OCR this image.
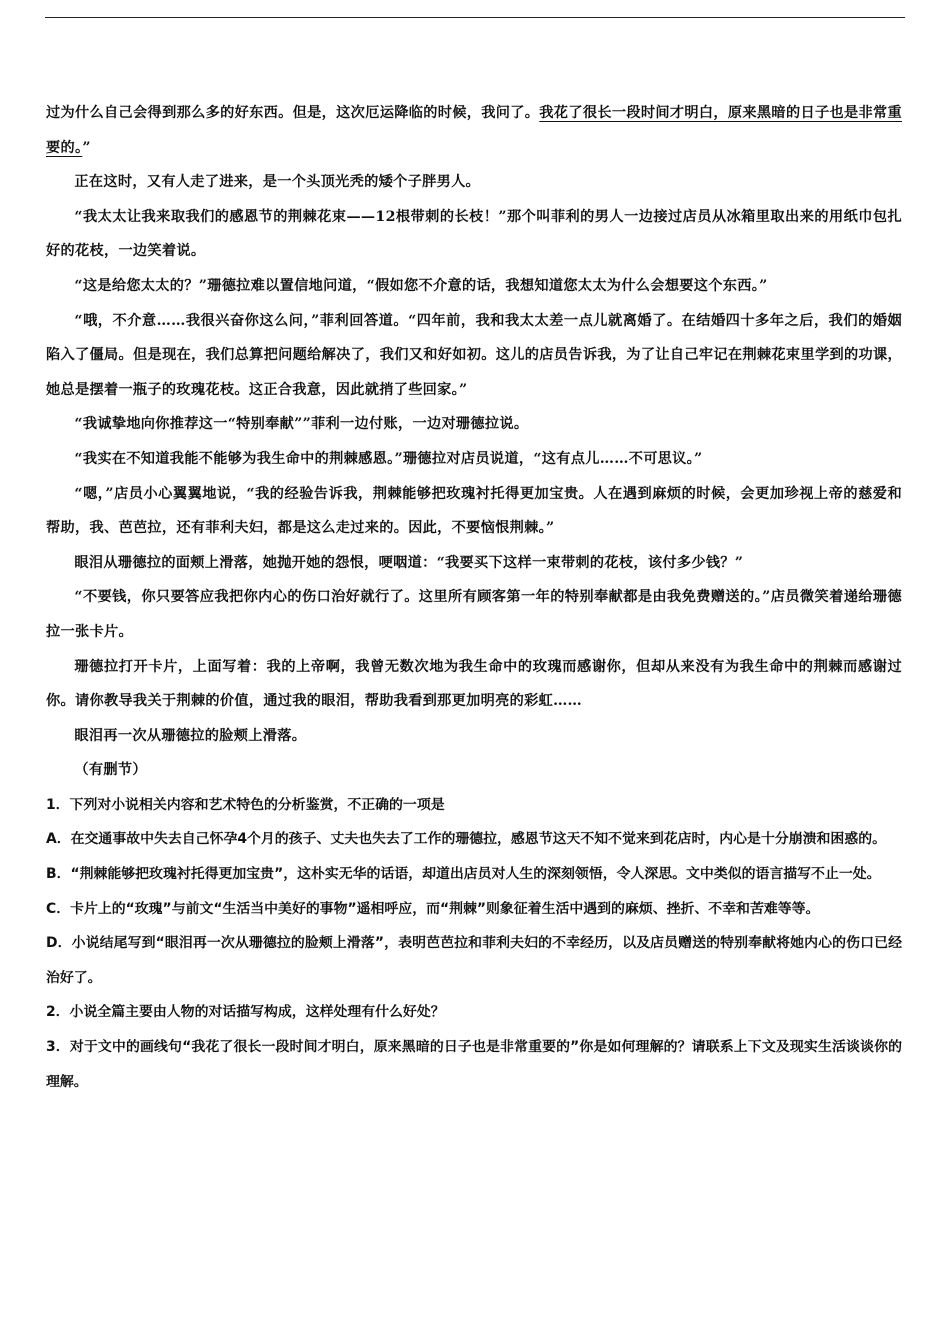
过为什么自己会得到那么多的好东西。但是，这次厄运降临的时候，我问了。我花了很长一段时间才明白，原来黑暗的日子也是非常重要的。”

正在这时，又有人走了进来，是一个头顶光秃的矮个子胖男人。

“我太太让我来取我们的感恩节的荆棘花束——12根带刺的长枝！”那个叫菲利的男人一边接过店员从冰箱里取出来的用纸巾包扎好的花枝，一边笑着说。

“这是给您太太的？”珊德拉难以置信地问道，“假如您不介意的话，我想知道您太太为什么会想要这个东西。”

“哦，不介意……我很兴奋你这么问，”菲利回答道。“四年前，我和我太太差一点儿就离婚了。在结婚四十多年之后，我们的婚姻陷入了僵局。但是现在，我们总算把问题给解决了，我们又和好如初。这儿的店员告诉我，为了让自己牢记在荆棘花束里学到的功课，她总是摆着一瓶子的玫瑰花枝。这正合我意，因此就捎了些回家。”

“我诚挚地向你推荐这一“特别奉献””菲利一边付账，一边对珊德拉说。

“我实在不知道我能不能够为我生命中的荆棘感恩。”珊德拉对店员说道，“这有点儿……不可思议。”

“嗯，”店员小心翼翼地说，“我的经验告诉我，荆棘能够把玫瑰衬托得更加宝贵。人在遇到麻烦的时候，会更加珍视上帝的慈爱和帮助，我、芭芭拉，还有菲利夫妇，都是这么走过来的。因此，不要恼恨荆棘。”

眼泪从珊德拉的面颊上滑落，她抛开她的怨恨，哽咽道：“我要买下这样一束带刺的花枝，该付多少钱？”

“不要钱，你只要答应我把你内心的伤口治好就行了。这里所有顾客第一年的特别奉献都是由我免费赠送的。”店员微笑着递给珊德拉一张卡片。

珊德拉打开卡片，上面写着：我的上帝啊，我曾无数次地为我生命中的玫瑰而感谢你，但却从来没有为我生命中的荆棘而感谢过你。请你教导我关于荆棘的价值，通过我的眼泪，帮助我看到那更加明亮的彩虹……

眼泪再一次从珊德拉的脸颊上滑落。

（有删节）

1．下列对小说相关内容和艺术特色的分析鉴赏，不正确的一项是

A．在交通事故中失去自己怀孕4个月的孩子、丈夫也失去了工作的珊德拉，感恩节这天不知不觉来到花店时，内心是十分崩溃和困惑的。

B．“荆棘能够把玫瑰衬托得更加宝贵”，这朴实无华的话语，却道出店员对人生的深刻领悟，令人深思。文中类似的语言描写不止一处。

C．卡片上的“玫瑰”与前文“生活当中美好的事物”遥相呼应，而“荆棘”则象征着生活中遇到的麻烦、挫折、不幸和苦难等等。

D．小说结尾写到“眼泪再一次从珊德拉的脸颊上滑落”，表明芭芭拉和菲利夫妇的不幸经历，以及店员赠送的特别奉献将她内心的伤口已经治好了。

2．小说全篇主要由人物的对话描写构成，这样处理有什么好处？

3．对于文中的画线句“我花了很长一段时间才明白，原来黑暗的日子也是非常重要的”你是如何理解的？请联系上下文及现实生活谈谈你的理解。
